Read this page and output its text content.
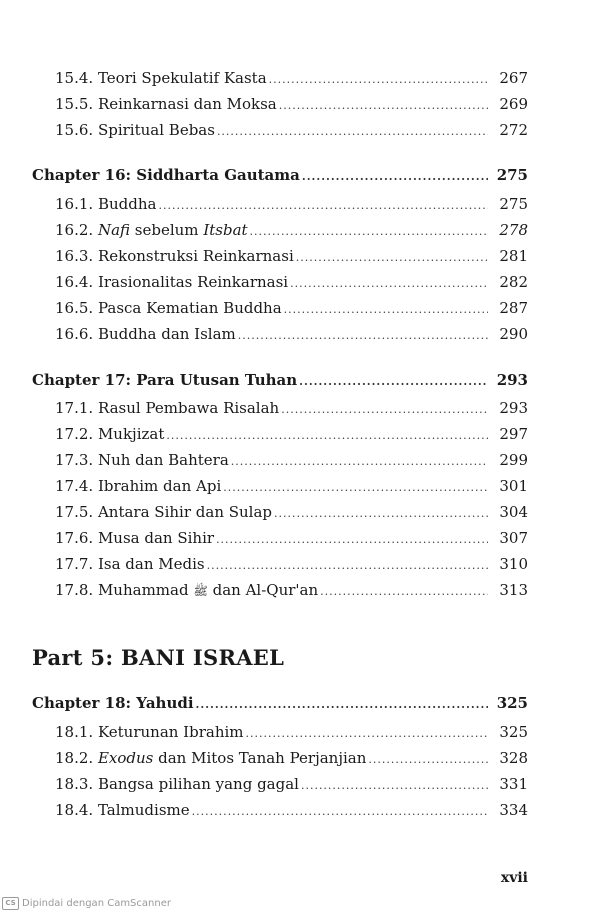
15.4. Teori Spekulatif Kasta .....	267
15.5. Reinkarnasi dan Moksa .....	269
15.6. Spiritual Bebas .....	272
Chapter 16: Siddharta Gautama .....	275
16.1. Buddha .....	275
16.2. Nafi sebelum Itsbat .....	278
16.3. Rekonstruksi Reinkarnasi .....	281
16.4. Irasionalitas Reinkarnasi .....	282
16.5. Pasca Kematian Buddha .....	287
16.6. Buddha dan Islam .....	290
Chapter 17: Para Utusan Tuhan .....	293
17.1. Rasul Pembawa Risalah .....	293
17.2. Mukjizat .....	297
17.3. Nuh dan Bahtera .....	299
17.4. Ibrahim dan Api .....	301
17.5. Antara Sihir dan Sulap .....	304
17.6. Musa dan Sihir .....	307
17.7. Isa dan Medis .....	310
17.8. Muhammad ﷺ dan Al-Qur'an .....	313
Part 5: BANI ISRAEL
Chapter 18: Yahudi .....	325
18.1. Keturunan Ibrahim .....	325
18.2. Exodus dan Mitos Tanah Perjanjian .....	328
18.3. Bangsa pilihan yang gagal .....	331
18.4. Talmudisme .....	334
xvii
CS Dipindai dengan CamScanner
